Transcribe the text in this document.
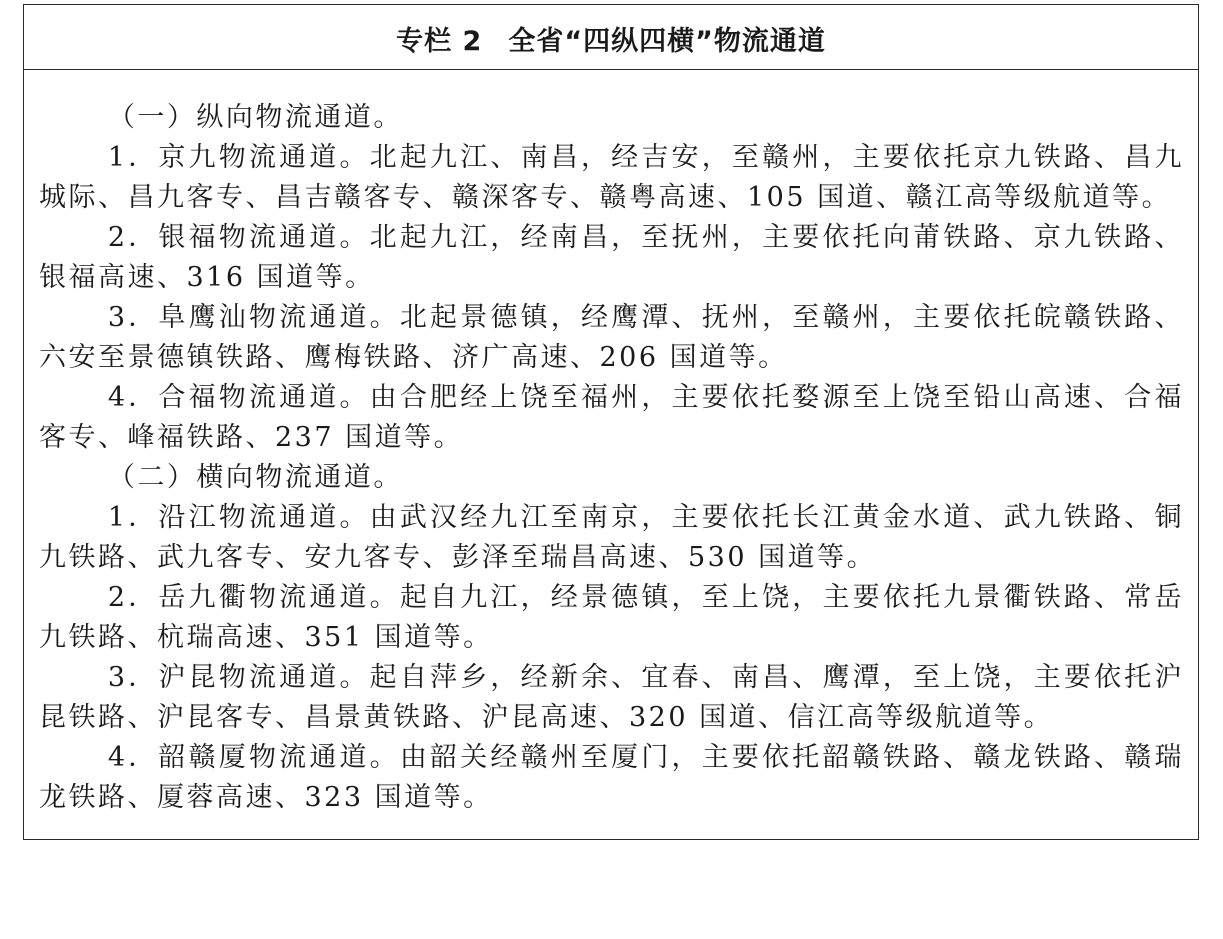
专栏 2 全省“四纵四横”物流通道

（一）纵向物流通道。

1．京九物流通道。北起九江、南昌，经吉安，至赣州，主要依托京九铁路、昌九城际、昌九客专、昌吉赣客专、赣深客专、赣粤高速、105 国道、赣江高等级航道等。

2．银福物流通道。北起九江，经南昌，至抚州，主要依托向莆铁路、京九铁路、银福高速、316 国道等。

3．阜鹰汕物流通道。北起景德镇，经鹰潭、抚州，至赣州，主要依托皖赣铁路、六安至景德镇铁路、鹰梅铁路、济广高速、206 国道等。

4．合福物流通道。由合肥经上饶至福州，主要依托婺源至上饶至铅山高速、合福客专、峰福铁路、237 国道等。

（二）横向物流通道。

1．沿江物流通道。由武汉经九江至南京，主要依托长江黄金水道、武九铁路、铜九铁路、武九客专、安九客专、彭泽至瑞昌高速、530 国道等。

2．岳九衢物流通道。起自九江，经景德镇，至上饶，主要依托九景衢铁路、常岳九铁路、杭瑞高速、351 国道等。

3．沪昆物流通道。起自萍乡，经新余、宜春、南昌、鹰潭，至上饶，主要依托沪昆铁路、沪昆客专、昌景黄铁路、沪昆高速、320 国道、信江高等级航道等。

4．韶赣厦物流通道。由韶关经赣州至厦门，主要依托韶赣铁路、赣龙铁路、赣瑞龙铁路、厦蓉高速、323 国道等。
